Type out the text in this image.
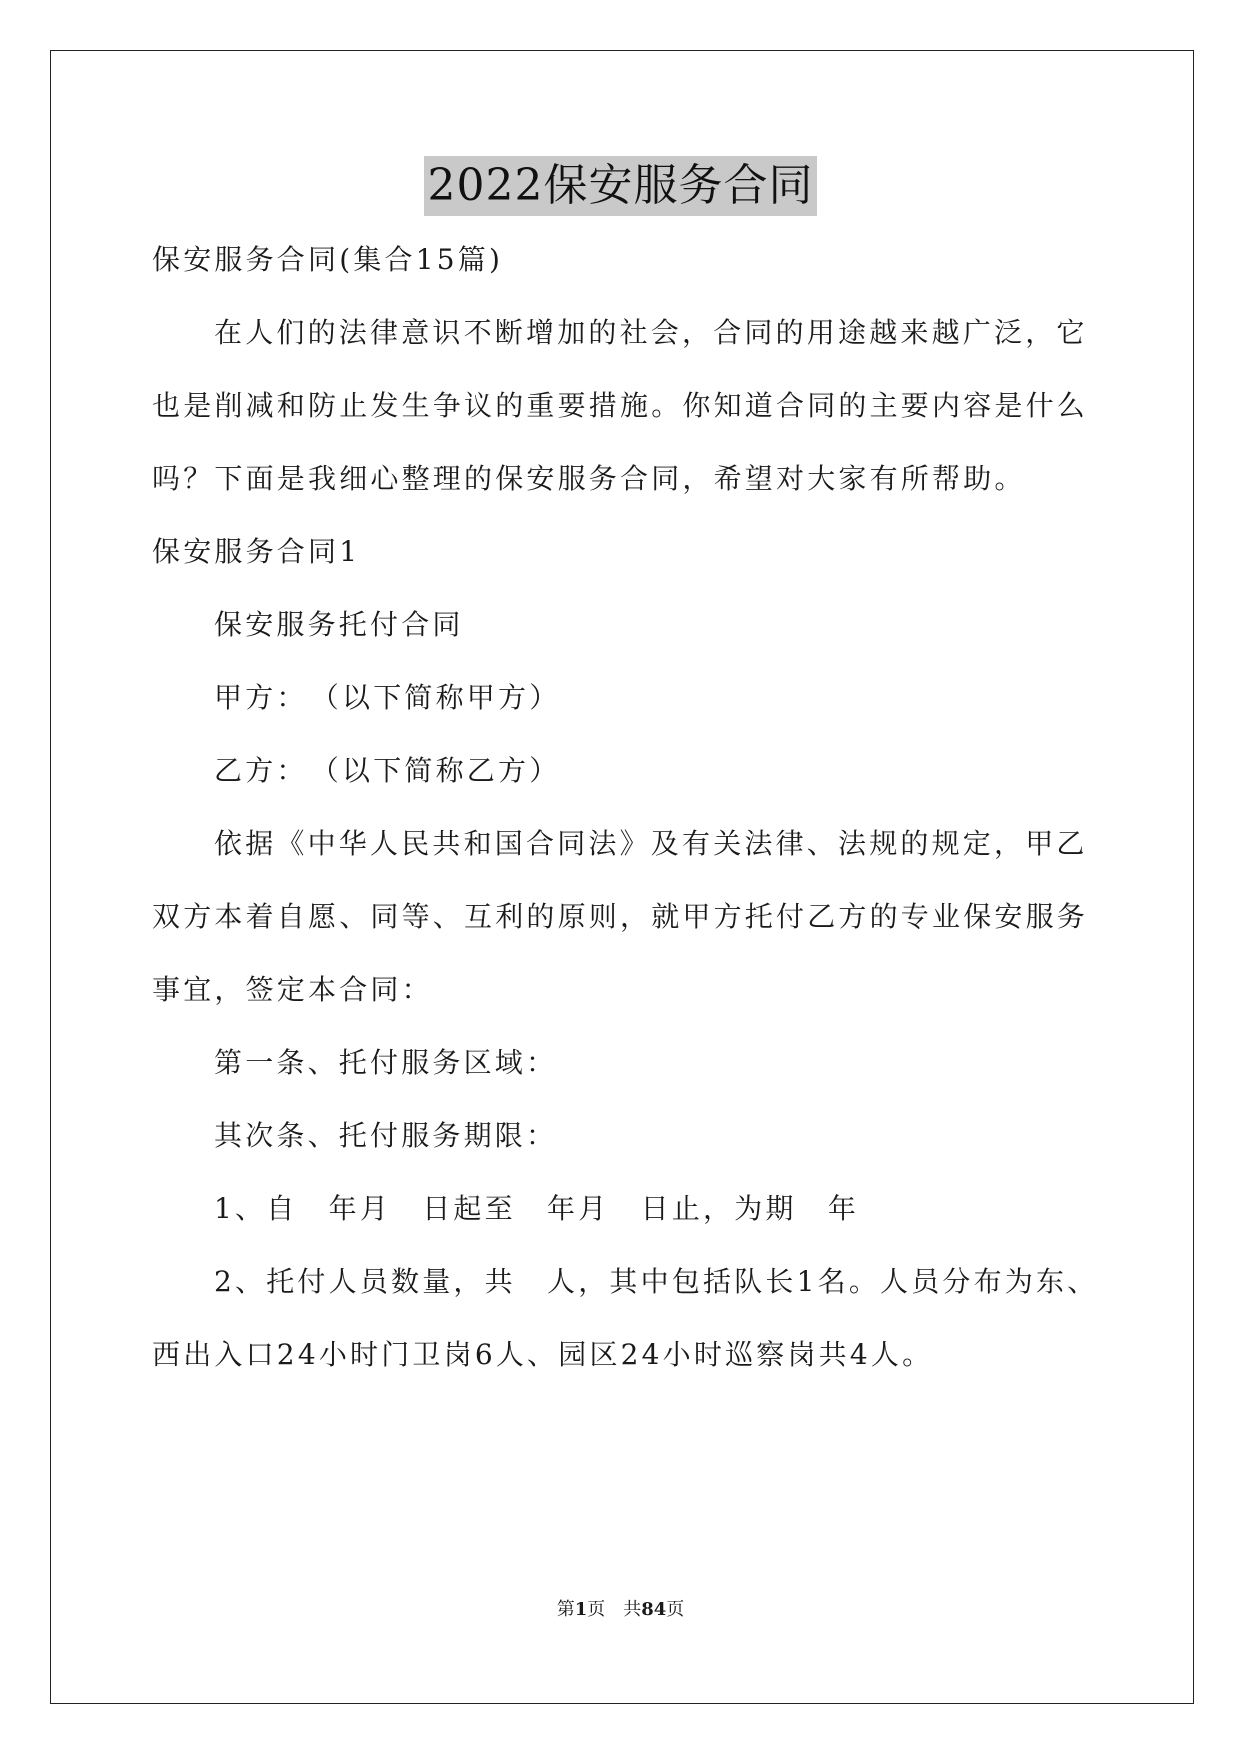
2022保安服务合同
保安服务合同(集合15篇)
在人们的法律意识不断增加的社会，合同的用途越来越广泛，它
也是削减和防止发生争议的重要措施。你知道合同的主要内容是什么
吗？下面是我细心整理的保安服务合同，希望对大家有所帮助。
保安服务合同1
保安服务托付合同
甲方：　（以下简称甲方）
乙方：　（以下简称乙方）
依据《中华人民共和国合同法》及有关法律、法规的规定，甲乙
双方本着自愿、同等、互利的原则，就甲方托付乙方的专业保安服务
事宜，签定本合同：
第一条、托付服务区域：
其次条、托付服务期限：
1、自　年月　日起至　年月　日止，为期　年
2、托付人员数量，共　人，其中包括队长1名。人员分布为东、
西出入口24小时门卫岗6人、园区24小时巡察岗共4人。
第1页　共84页
